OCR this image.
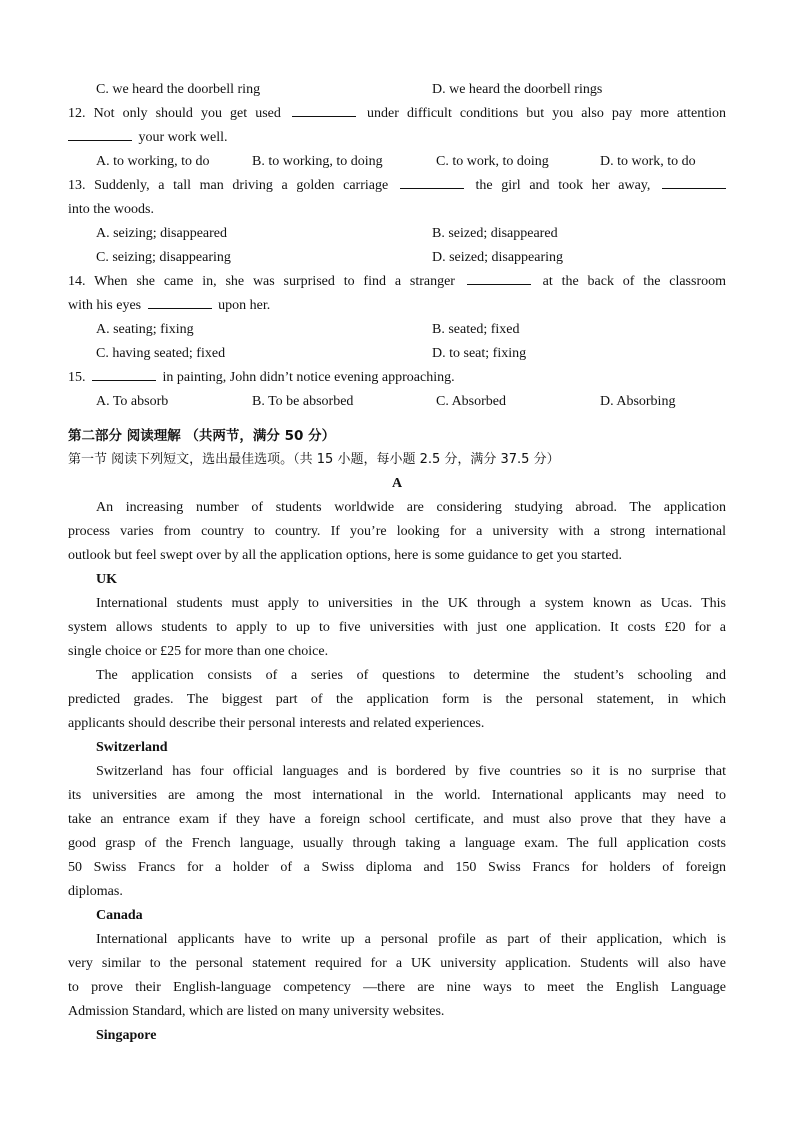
C. we heard the doorbell ring	D. we heard the doorbell rings
12. Not only should you get used	under difficult conditions but you also pay more attention
your work well.
A. to working, to do	B. to working, to doing	C. to work, to doing	D. to work, to do
13. Suddenly, a tall man driving a golden carriage	the girl and took her away,
into the woods.
A. seizing; disappeared	B. seized; disappeared
C. seizing; disappearing	D. seized; disappearing
14. When she came in, she was surprised to find a stranger	at the back of the classroom
with his eyes	upon her.
A. seating; fixing	B. seated; fixed
C. having seated; fixed	D. to seat; fixing
15.	in painting, John didn’t notice evening approaching.
A. To absorb	B. To be absorbed	C. Absorbed	D. Absorbing
第二部分 阅读理解 （共两节，满分 50 分）
第一节 阅读下列短文，选出最佳选项。（共 15 小题，每小题 2.5 分，满分 37.5 分）
A
An increasing number of students worldwide are considering studying abroad. The application
process varies from country to country. If you’re looking for a university with a strong international
outlook but feel swept over by all the application options, here is some guidance to get you started.
UK
International students must apply to universities in the UK through a system known as Ucas. This
system allows students to apply to up to five universities with just one application. It costs £20 for a
single choice or £25 for more than one choice.
The application consists of a series of questions to determine the student’s schooling and
predicted grades. The biggest part of the application form is the personal statement, in which
applicants should describe their personal interests and related experiences.
Switzerland
Switzerland has four official languages and is bordered by five countries so it is no surprise that
its universities are among the most international in the world. International applicants may need to
take an entrance exam if they have a foreign school certificate, and must also prove that they have a
good grasp of the French language, usually through taking a language exam. The full application costs
50 Swiss Francs for a holder of a Swiss diploma and 150 Swiss Francs for holders of foreign
diplomas.
Canada
International applicants have to write up a personal profile as part of their application, which is
very similar to the personal statement required for a UK university application. Students will also have
to prove their English-language competency —there are nine ways to meet the English Language
Admission Standard, which are listed on many university websites.
Singapore
